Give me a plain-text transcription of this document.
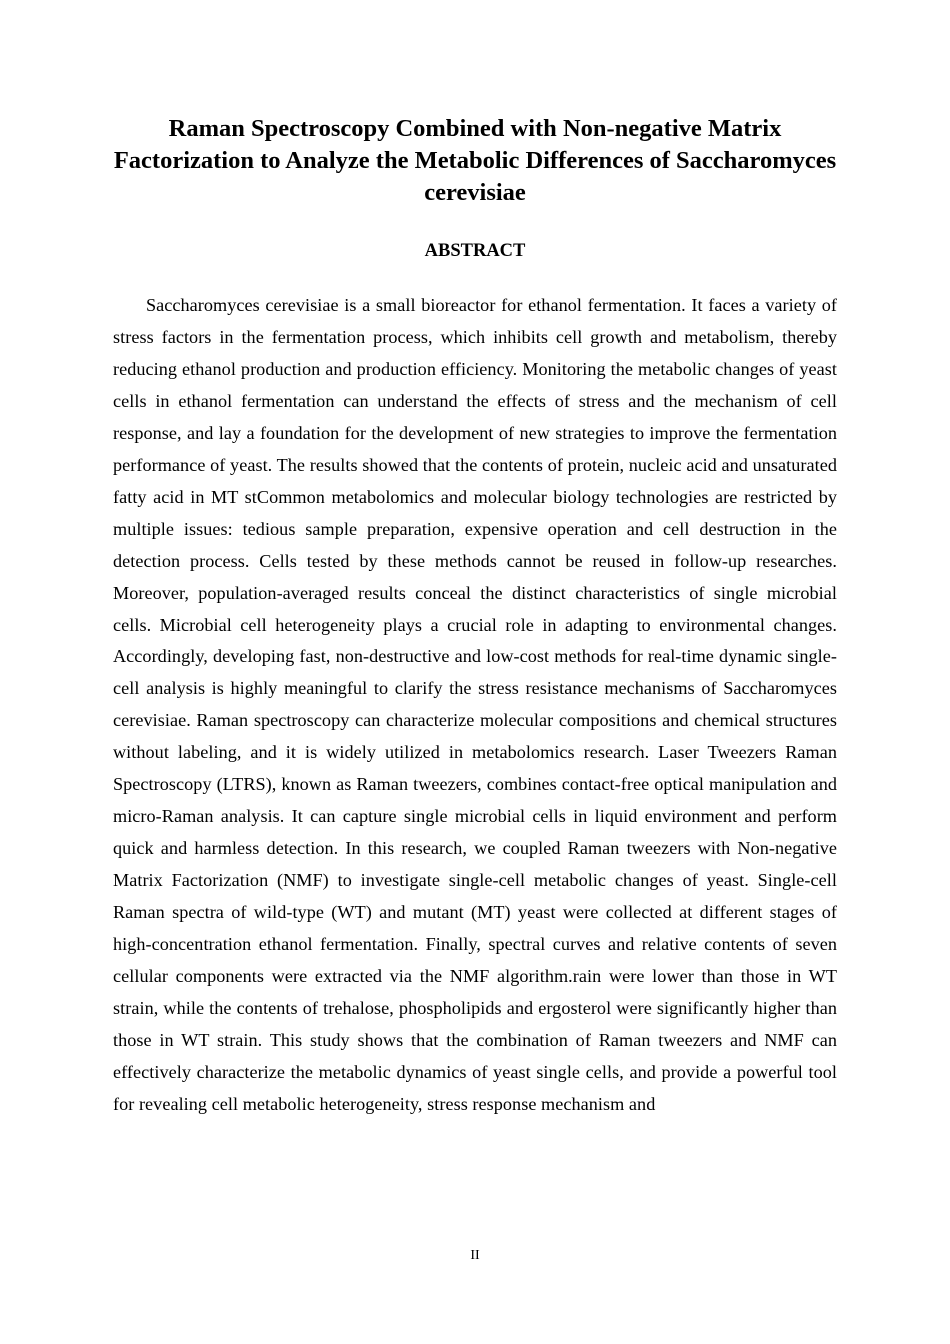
Raman Spectroscopy Combined with Non-negative Matrix Factorization to Analyze the Metabolic Differences of Saccharomyces cerevisiae
ABSTRACT

Saccharomyces cerevisiae is a small bioreactor for ethanol fermentation. It faces a variety of stress factors in the fermentation process, which inhibits cell growth and metabolism, thereby reducing ethanol production and production efficiency. Monitoring the metabolic changes of yeast cells in ethanol fermentation can understand the effects of stress and the mechanism of cell response, and lay a foundation for the development of new strategies to improve the fermentation performance of yeast. The results showed that the contents of protein, nucleic acid and unsaturated fatty acid in MT stCommon metabolomics and molecular biology technologies are restricted by multiple issues: tedious sample preparation, expensive operation and cell destruction in the detection process. Cells tested by these methods cannot be reused in follow-up researches. Moreover, population-averaged results conceal the distinct characteristics of single microbial cells. Microbial cell heterogeneity plays a crucial role in adapting to environmental changes. Accordingly, developing fast, non-destructive and low-cost methods for real-time dynamic single-cell analysis is highly meaningful to clarify the stress resistance mechanisms of Saccharomyces cerevisiae. Raman spectroscopy can characterize molecular compositions and chemical structures without labeling, and it is widely utilized in metabolomics research. Laser Tweezers Raman Spectroscopy (LTRS), known as Raman tweezers, combines contact-free optical manipulation and micro-Raman analysis. It can capture single microbial cells in liquid environment and perform quick and harmless detection. In this research, we coupled Raman tweezers with Non-negative Matrix Factorization (NMF) to investigate single-cell metabolic changes of yeast. Single-cell Raman spectra of wild-type (WT) and mutant (MT) yeast were collected at different stages of high-concentration ethanol fermentation. Finally, spectral curves and relative contents of seven cellular components were extracted via the NMF algorithm.rain were lower than those in WT strain, while the contents of trehalose, phospholipids and ergosterol were significantly higher than those in WT strain. This study shows that the combination of Raman tweezers and NMF can effectively characterize the metabolic dynamics of yeast single cells, and provide a powerful tool for revealing cell metabolic heterogeneity, stress response mechanism and

II
